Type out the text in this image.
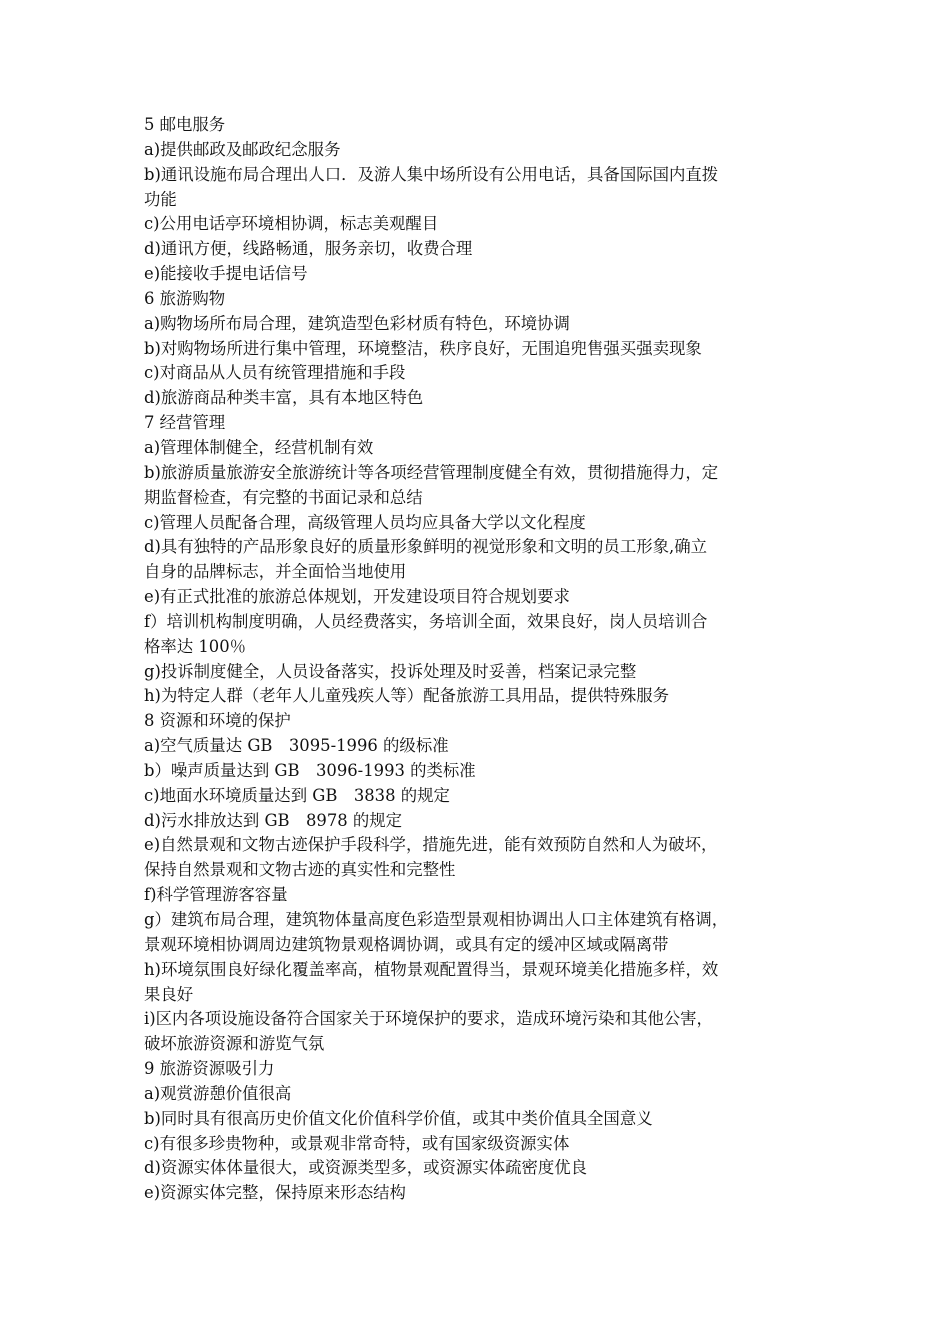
5 邮电服务
a)提供邮政及邮政纪念服务
b)通讯设施布局合理出人口．及游人集中场所设有公用电话，具备国际国内直拨
功能
c)公用电话亭环境相协调，标志美观醒目
d)通讯方便，线路畅通，服务亲切，收费合理
e)能接收手提电话信号
6 旅游购物
a)购物场所布局合理，建筑造型色彩材质有特色，环境协调
b)对购物场所进行集中管理，环境整洁，秩序良好，无围追兜售强买强卖现象
c)对商品从人员有统管理措施和手段
d)旅游商品种类丰富，具有本地区特色
7 经营管理
a)管理体制健全，经营机制有效
b)旅游质量旅游安全旅游统计等各项经营管理制度健全有效，贯彻措施得力，定
期监督检查，有完整的书面记录和总结
c)管理人员配备合理，高级管理人员均应具备大学以文化程度
d)具有独特的产品形象良好的质量形象鲜明的视觉形象和文明的员工形象,确立
自身的品牌标志，并全面恰当地使用
e)有正式批准的旅游总体规划，开发建设项目符合规划要求
f）培训机构制度明确，人员经费落实，务培训全面，效果良好，岗人员培训合
格率达 100％
g)投诉制度健全，人员设备落实，投诉处理及时妥善，档案记录完整
h)为特定人群（老年人儿童残疾人等）配备旅游工具用品，提供特殊服务
8 资源和环境的保护
a)空气质量达 GB　3095-1996 的级标准
b）噪声质量达到 GB　3096-1993 的类标准
c)地面水环境质量达到 GB　3838 的规定
d)污水排放达到 GB　8978 的规定
e)自然景观和文物古迹保护手段科学，措施先进，能有效预防自然和人为破坏，
保持自然景观和文物古迹的真实性和完整性
f)科学管理游客容量
g）建筑布局合理，建筑物体量高度色彩造型景观相协调出人口主体建筑有格调，
景观环境相协调周边建筑物景观格调协调，或具有定的缓冲区域或隔离带
h)环境氛围良好绿化覆盖率高，植物景观配置得当，景观环境美化措施多样，效
果良好
i)区内各项设施设备符合国家关于环境保护的要求，造成环境污染和其他公害，
破坏旅游资源和游览气氛
9 旅游资源吸引力
a)观赏游憩价值很高
b)同时具有很高历史价值文化价值科学价值，或其中类价值具全国意义
c)有很多珍贵物种，或景观非常奇特，或有国家级资源实体
d)资源实体体量很大，或资源类型多，或资源实体疏密度优良
e)资源实体完整，保持原来形态结构
